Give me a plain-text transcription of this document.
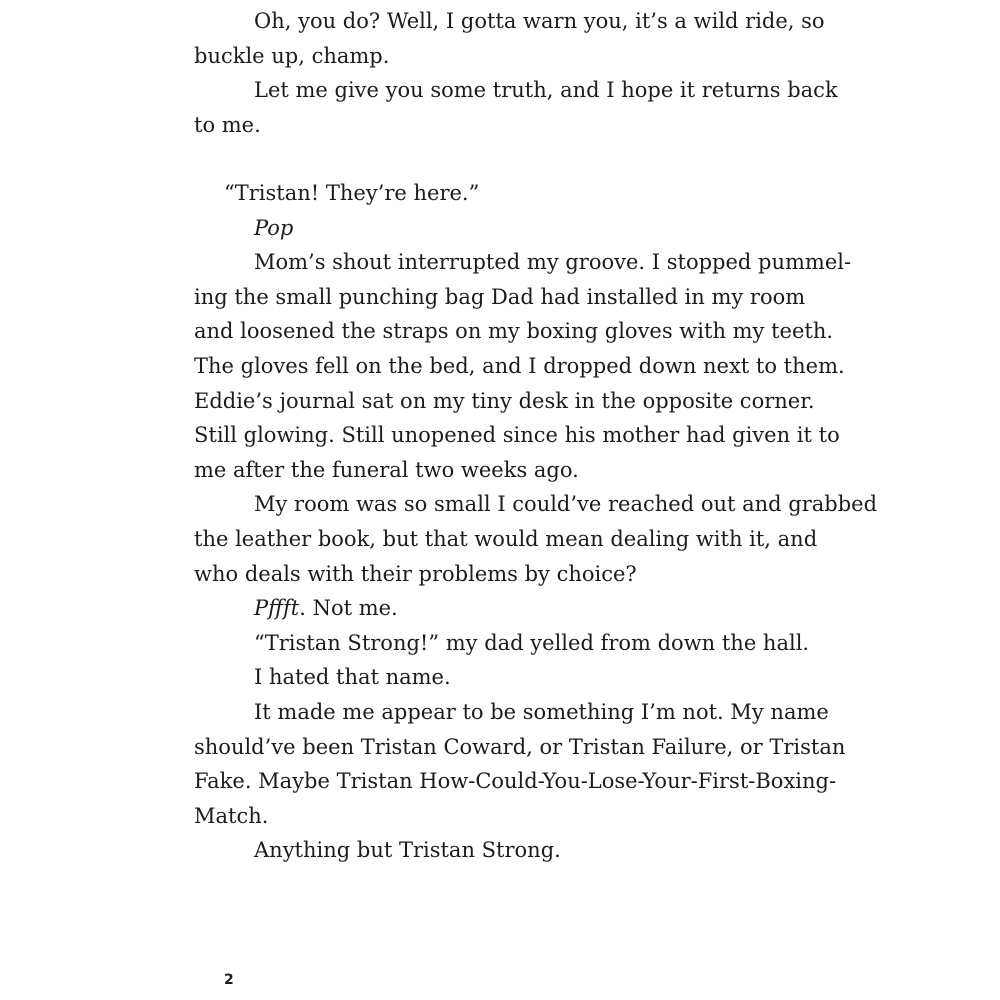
Oh, you do? Well, I gotta warn you, it’s a wild ride, so
buckle up, champ.

Let me give you some truth, and I hope it returns back
to me.

“Tristan! They’re here.”

Pop

Mom’s shout interrupted my groove. I stopped pummel-
ing the small punching bag Dad had installed in my room
and loosened the straps on my boxing gloves with my teeth.
The gloves fell on the bed, and I dropped down next to them.
Eddie’s journal sat on my tiny desk in the opposite corner.
Still glowing. Still unopened since his mother had given it to
me after the funeral two weeks ago.

My room was so small I could’ve reached out and grabbed
the leather book, but that would mean dealing with it, and
who deals with their problems by choice?

Pffft. Not me.

“Tristan Strong!” my dad yelled from down the hall.

I hated that name.

It made me appear to be something I’m not. My name
should’ve been Tristan Coward, or Tristan Failure, or Tristan
Fake. Maybe Tristan How-Could-You-Lose-Your-First-Boxing-
Match.

Anything but Tristan Strong.

2
